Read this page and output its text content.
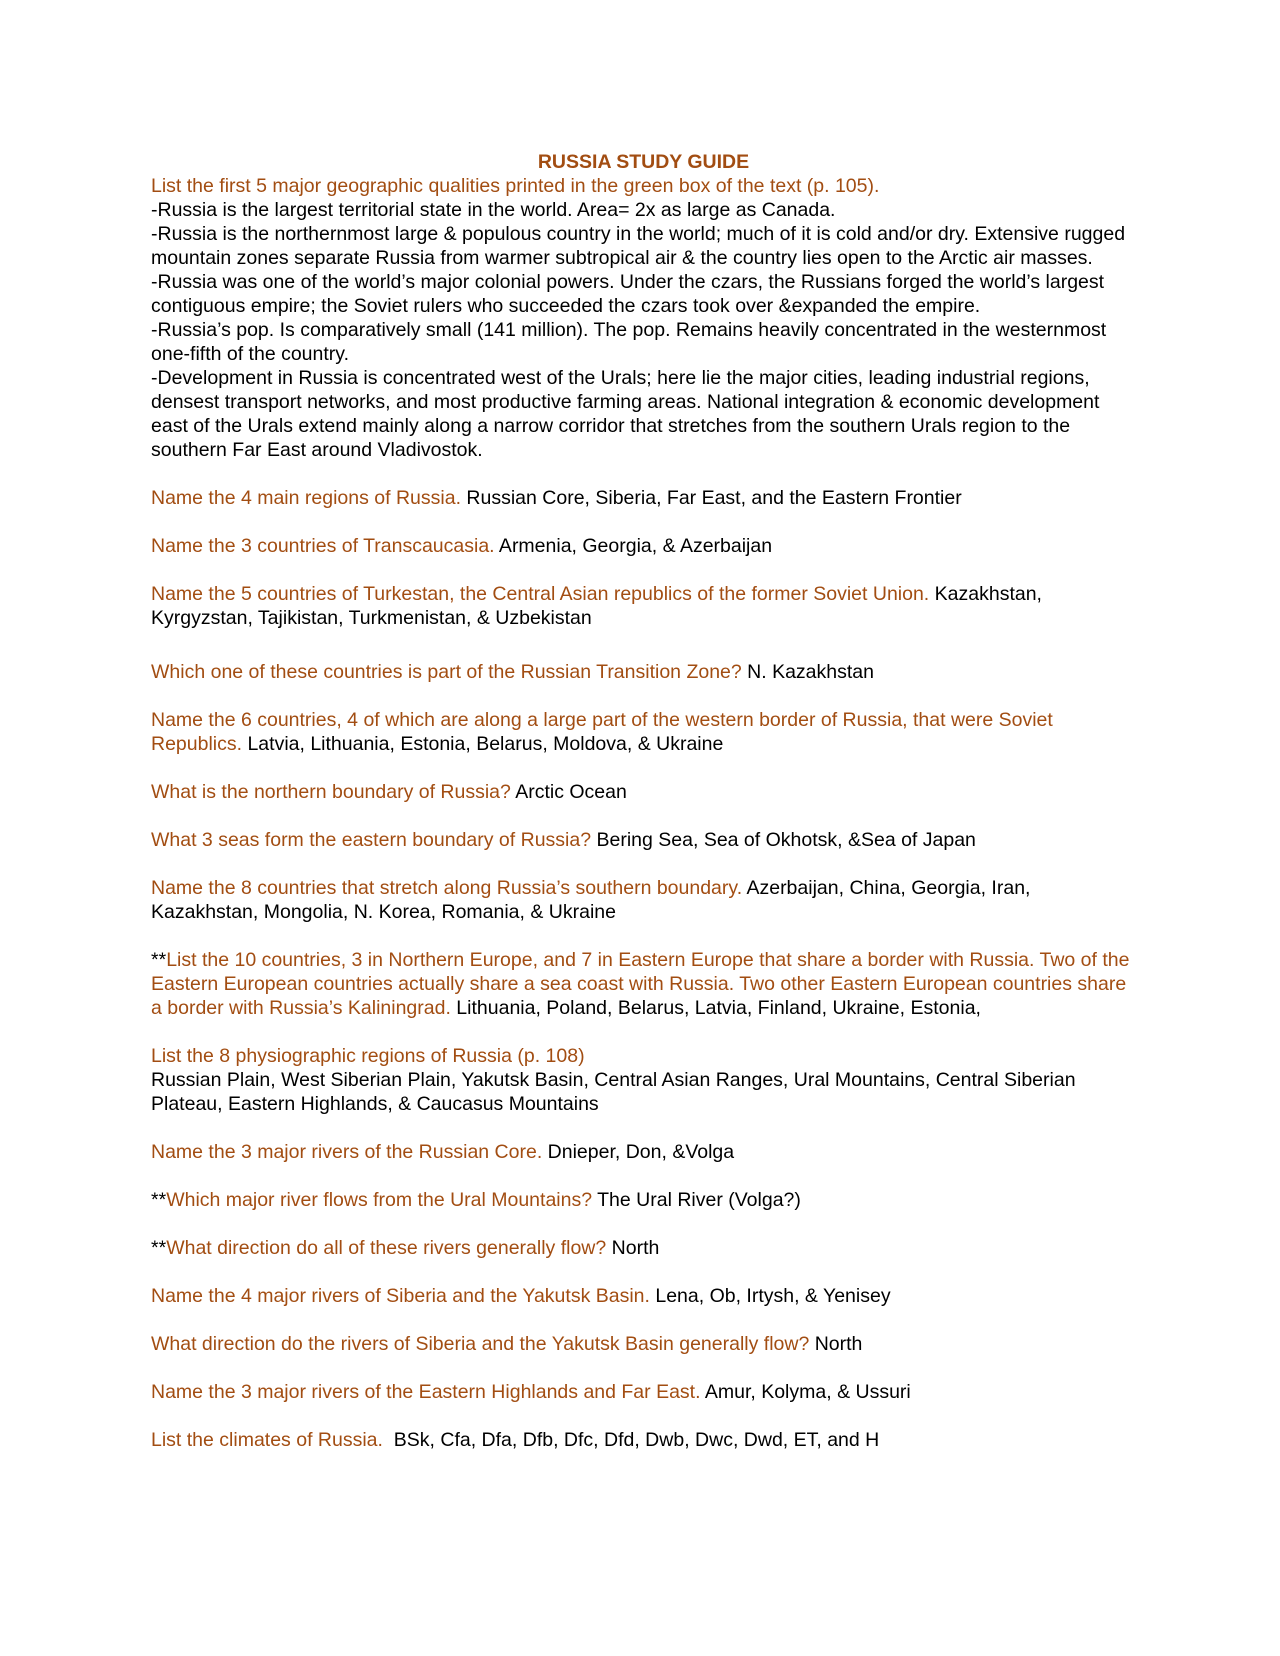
RUSSIA STUDY GUIDE

List the first 5 major geographic qualities printed in the green box of the text (p. 105).

-Russia is the largest territorial state in the world. Area= 2x as large as Canada.

-Russia is the northernmost large & populous country in the world; much of it is cold and/or dry. Extensive rugged mountain zones separate Russia from warmer subtropical air & the country lies open to the Arctic air masses.

-Russia was one of the world’s major colonial powers. Under the czars, the Russians forged the world’s largest contiguous empire; the Soviet rulers who succeeded the czars took over &expanded the empire.

-Russia’s pop. Is comparatively small (141 million). The pop. Remains heavily concentrated in the westernmost one-fifth of the country.

-Development in Russia is concentrated west of the Urals; here lie the major cities, leading industrial regions, densest transport networks, and most productive farming areas. National integration & economic development east of the Urals extend mainly along a narrow corridor that stretches from the southern Urals region to the southern Far East around Vladivostok.

Name the 4 main regions of Russia. Russian Core, Siberia, Far East, and the Eastern Frontier

Name the 3 countries of Transcaucasia. Armenia, Georgia, & Azerbaijan

Name the 5 countries of Turkestan, the Central Asian republics of the former Soviet Union. Kazakhstan, Kyrgyzstan, Tajikistan, Turkmenistan, & Uzbekistan

Which one of these countries is part of the Russian Transition Zone? N. Kazakhstan

Name the 6 countries, 4 of which are along a large part of the western border of Russia, that were Soviet Republics. Latvia, Lithuania, Estonia, Belarus, Moldova, & Ukraine

What is the northern boundary of Russia? Arctic Ocean

What 3 seas form the eastern boundary of Russia? Bering Sea, Sea of Okhotsk, &Sea of Japan

Name the 8 countries that stretch along Russia’s southern boundary. Azerbaijan, China, Georgia, Iran, Kazakhstan, Mongolia, N. Korea, Romania, & Ukraine

**List the 10 countries, 3 in Northern Europe, and 7 in Eastern Europe that share a border with Russia. Two of the Eastern European countries actually share a sea coast with Russia. Two other Eastern European countries share a border with Russia’s Kaliningrad. Lithuania, Poland, Belarus, Latvia, Finland, Ukraine, Estonia,

List the 8 physiographic regions of Russia (p. 108)

Russian Plain, West Siberian Plain, Yakutsk Basin, Central Asian Ranges, Ural Mountains, Central Siberian Plateau, Eastern Highlands, & Caucasus Mountains

Name the 3 major rivers of the Russian Core. Dnieper, Don, &Volga

**Which major river flows from the Ural Mountains? The Ural River (Volga?)

**What direction do all of these rivers generally flow? North

Name the 4 major rivers of Siberia and the Yakutsk Basin. Lena, Ob, Irtysh, & Yenisey

What direction do the rivers of Siberia and the Yakutsk Basin generally flow? North

Name the 3 major rivers of the Eastern Highlands and Far East. Amur, Kolyma, & Ussuri

List the climates of Russia.  BSk, Cfa, Dfa, Dfb, Dfc, Dfd, Dwb, Dwc, Dwd, ET, and H
